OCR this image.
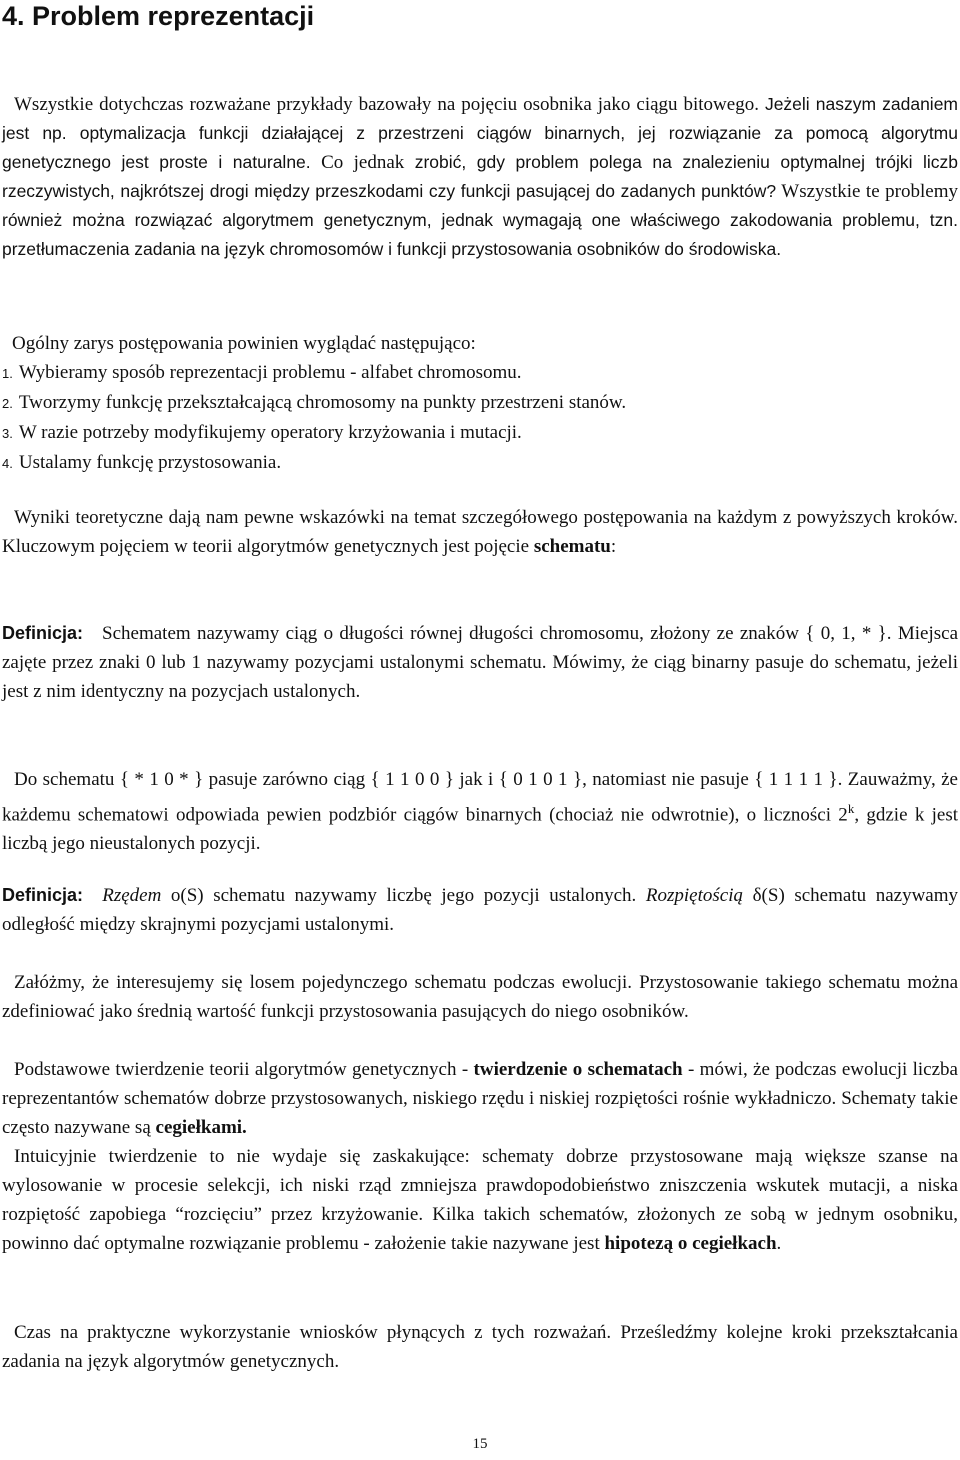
4. Problem reprezentacji

Wszystkie dotychczas rozważane przykłady bazowały na pojęciu osobnika jako ciągu bitowego. Jeżeli naszym zadaniem jest np. optymalizacja funkcji działającej z przestrzeni ciągów binarnych, jej rozwiązanie za pomocą algorytmu genetycznego jest proste i naturalne. Co jednak zrobić, gdy problem polega na znalezieniu optymalnej trójki liczb rzeczywistych, najkrótszej drogi między przeszkodami czy funkcji pasującej do zadanych punktów? Wszystkie te problemy również można rozwiązać algorytmem genetycznym, jednak wymagają one właściwego zakodowania problemu, tzn. przetłumaczenia zadania na język chromosomów i funkcji przystosowania osobników do środowiska.

Ogólny zarys postępowania powinien wyglądać następująco:

1. Wybieramy sposób reprezentacji problemu - alfabet chromosomu.
2. Tworzymy funkcję przekształcającą chromosomy na punkty przestrzeni stanów.
3. W razie potrzeby modyfikujemy operatory krzyżowania i mutacji.
4. Ustalamy funkcję przystosowania.

Wyniki teoretyczne dają nam pewne wskazówki na temat szczegółowego postępowania na każdym z powyższych kroków. Kluczowym pojęciem w teorii algorytmów genetycznych jest pojęcie schematu:

Definicja: Schematem nazywamy ciąg o długości równej długości chromosomu, złożony ze znaków { 0, 1, * }. Miejsca zajęte przez znaki 0 lub 1 nazywamy pozycjami ustalonymi schematu. Mówimy, że ciąg binarny pasuje do schematu, jeżeli jest z nim identyczny na pozycjach ustalonych.

Do schematu { * 1 0 * } pasuje zarówno ciąg { 1 1 0 0 } jak i { 0 1 0 1 }, natomiast nie pasuje { 1 1 1 1 }. Zauważmy, że każdemu schematowi odpowiada pewien podzbiór ciągów binarnych (chociaż nie odwrotnie), o liczności 2$^k$, gdzie k jest liczbą jego nieustalonych pozycji.

Definicja: Rzędem o(S) schematu nazywamy liczbę jego pozycji ustalonych. Rozpiętością δ(S) schematu nazywamy odległość między skrajnymi pozycjami ustalonymi.

Załóżmy, że interesujemy się losem pojedynczego schematu podczas ewolucji. Przystosowanie takiego schematu można zdefiniować jako średnią wartość funkcji przystosowania pasujących do niego osobników.

Podstawowe twierdzenie teorii algorytmów genetycznych - twierdzenie o schematach - mówi, że podczas ewolucji liczba reprezentantów schematów dobrze przystosowanych, niskiego rzędu i niskiej rozpiętości rośnie wykładniczo. Schematy takie często nazywane są cegiełkami.

Intuicyjnie twierdzenie to nie wydaje się zaskakujące: schematy dobrze przystosowane mają większe szanse na wylosowanie w procesie selekcji, ich niski rząd zmniejsza prawdopodobieństwo zniszczenia wskutek mutacji, a niska rozpiętość zapobiega “rozcięciu” przez krzyżowanie. Kilka takich schematów, złożonych ze sobą w jednym osobniku, powinno dać optymalne rozwiązanie problemu - założenie takie nazywane jest hipotezą o cegiełkach.

Czas na praktyczne wykorzystanie wniosków płynących z tych rozważań. Prześledźmy kolejne kroki przekształcania zadania na język algorytmów genetycznych.

15
